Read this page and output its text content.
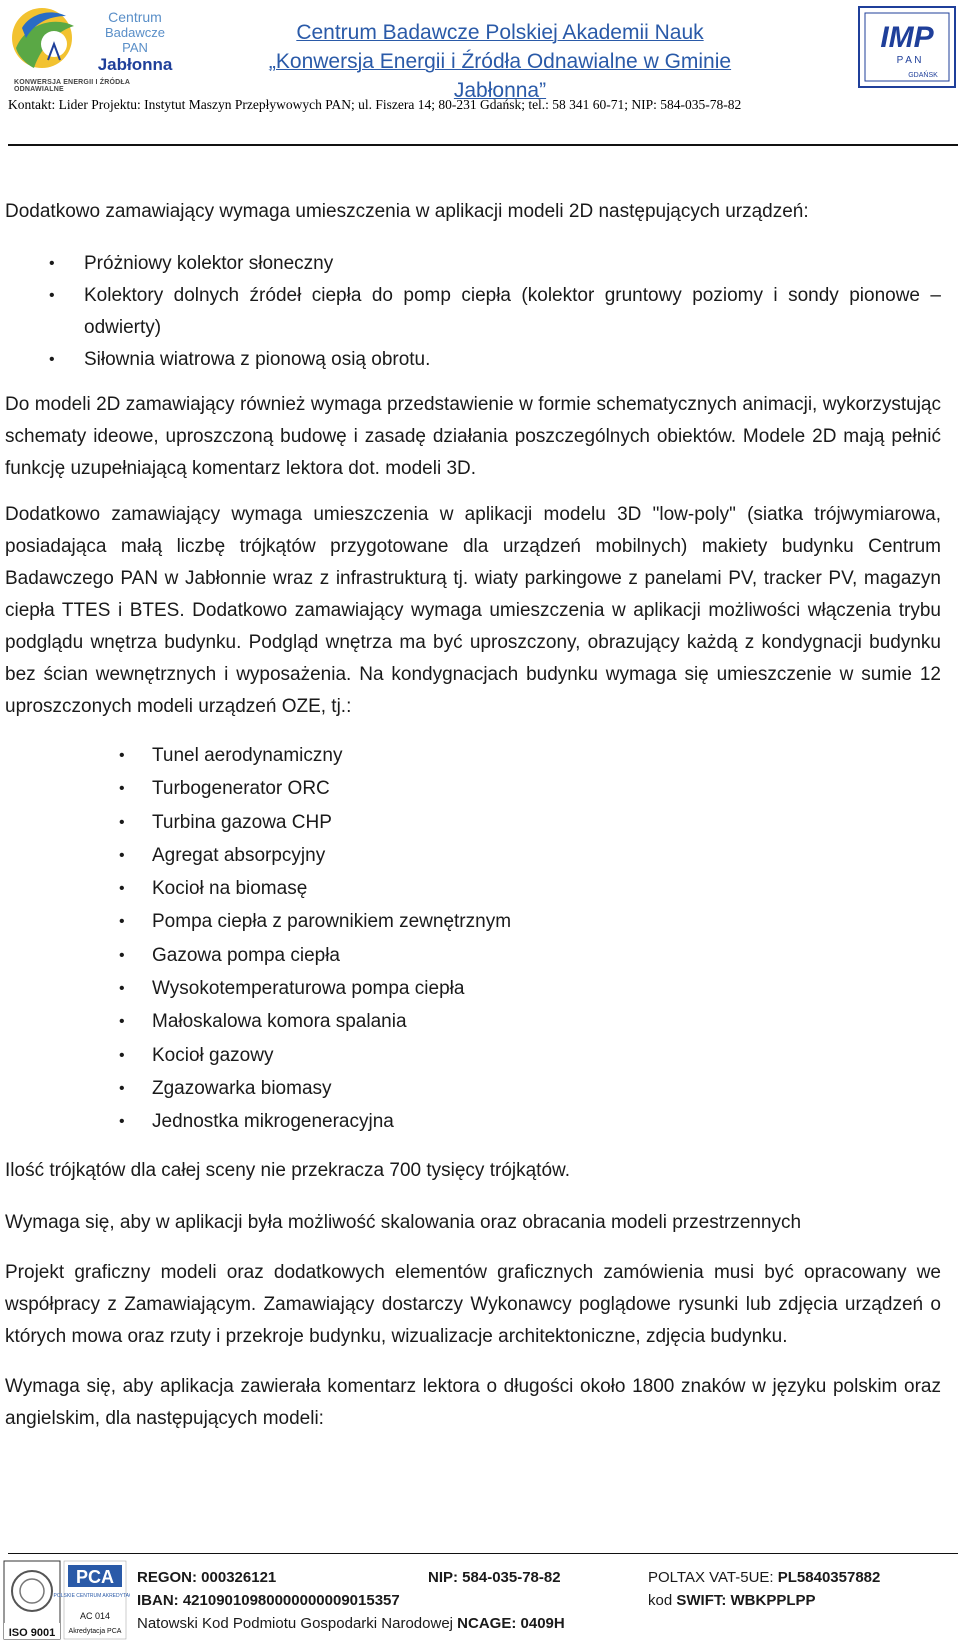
Centrum
Badawcze
PAN
Jabłonna
KONWERSJA ENERGII I ŹRÓDŁA ODNAWIALNE
Centrum Badawcze Polskiej Akademii Nauk
„Konwersja Energii i Źródła Odnawialne w Gminie Jabłonna”
IMP
P A N
GDAŃSK
Kontakt: Lider Projektu: Instytut Maszyn Przepływowych PAN; ul. Fiszera 14; 80-231 Gdańsk; tel.: 58 341 60-71; NIP: 584-035-78-82

Dodatkowo zamawiający wymaga umieszczenia w aplikacji modeli 2D następujących urządzeń:

• Próżniowy kolektor słoneczny
• Kolektory dolnych źródeł ciepła do pomp ciepła (kolektor gruntowy poziomy i sondy pionowe – odwierty)
• Siłownia wiatrowa z pionową osią obrotu.

Do modeli 2D zamawiający również wymaga przedstawienie w formie schematycznych animacji, wykorzystując schematy ideowe, uproszczoną budowę i zasadę działania poszczególnych obiektów. Modele 2D mają pełnić funkcję uzupełniającą komentarz lektora dot. modeli 3D.

Dodatkowo zamawiający wymaga umieszczenia w aplikacji modelu 3D "low-poly" (siatka trójwymiarowa, posiadająca małą liczbę trójkątów przygotowane dla urządzeń mobilnych) makiety budynku Centrum Badawczego PAN w Jabłonnie wraz z infrastrukturą tj. wiaty parkingowe z panelami PV, tracker PV, magazyn ciepła TTES i BTES. Dodatkowo zamawiający wymaga umieszczenia w aplikacji możliwości włączenia trybu podglądu wnętrza budynku. Podgląd wnętrza ma być uproszczony, obrazujący każdą z kondygnacji budynku bez ścian wewnętrznych i wyposażenia. Na kondygnacjach budynku wymaga się umieszczenie w sumie 12 uproszczonych modeli urządzeń OZE, tj.:

• Tunel aerodynamiczny
• Turbogenerator ORC
• Turbina gazowa CHP
• Agregat absorpcyjny
• Kocioł na biomasę
• Pompa ciepła z parownikiem zewnętrznym
• Gazowa pompa ciepła
• Wysokotemperaturowa pompa ciepła
• Małoskalowa komora spalania
• Kocioł gazowy
• Zgazowarka biomasy
• Jednostka mikrogeneracyjna

Ilość trójkątów dla całej sceny nie przekracza 700 tysięcy trójkątów.

Wymaga się, aby w aplikacji była możliwość skalowania oraz obracania modeli przestrzennych

Projekt graficzny modeli oraz dodatkowych elementów graficznych zamówienia musi być opracowany we współpracy z Zamawiającym. Zamawiający dostarczy Wykonawcy poglądowe rysunki lub zdjęcia urządzeń o których mowa oraz rzuty i przekroje budynku, wizualizacje architektoniczne, zdjęcia budynku.

Wymaga się, aby aplikacja zawierała komentarz lektora o długości około 1800 znaków w języku polskim oraz angielskim, dla następujących modeli:

ISO 9001
PCA
POLSKIE CENTRUM AKREDYTACJI
AC 014
Akredytacja PCA
REGON: 000326121
IBAN: 42109010980000000009015357
Natowski Kod Podmiotu Gospodarki Narodowej NCAGE: 0409H
NIP: 584-035-78-82	POLTAX VAT-5UE: PL5840357882
kod SWIFT: WBKPPLPP
